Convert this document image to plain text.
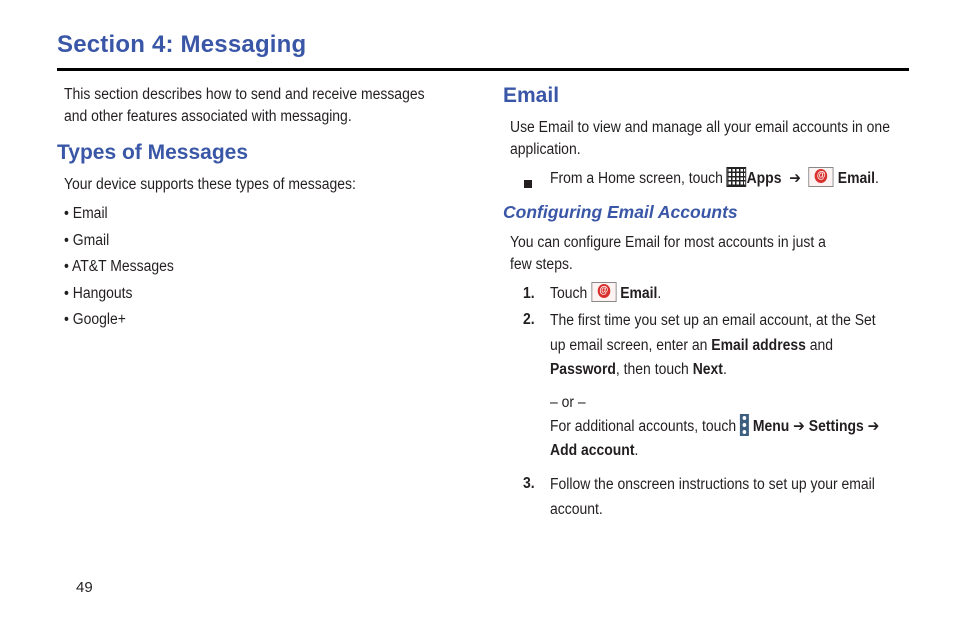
Section 4: Messaging
This section describes how to send and receive messages
and other features associated with messaging.
Types of Messages
Your device supports these types of messages:
• Email
• Gmail
• AT&T Messages
• Hangouts
• Google+
Email
Use Email to view and manage all your email accounts in one
application.
From a Home screen, touch Apps ➔ @ Email.
Configuring Email Accounts
You can configure Email for most accounts in just a
few steps.
1. Touch @ Email.
2. The first time you set up an email account, at the Set
up email screen, enter an Email address and
Password, then touch Next.
– or –
For additional accounts, touch Menu ➔ Settings ➔
Add account.
3. Follow the onscreen instructions to set up your email
account.
49
